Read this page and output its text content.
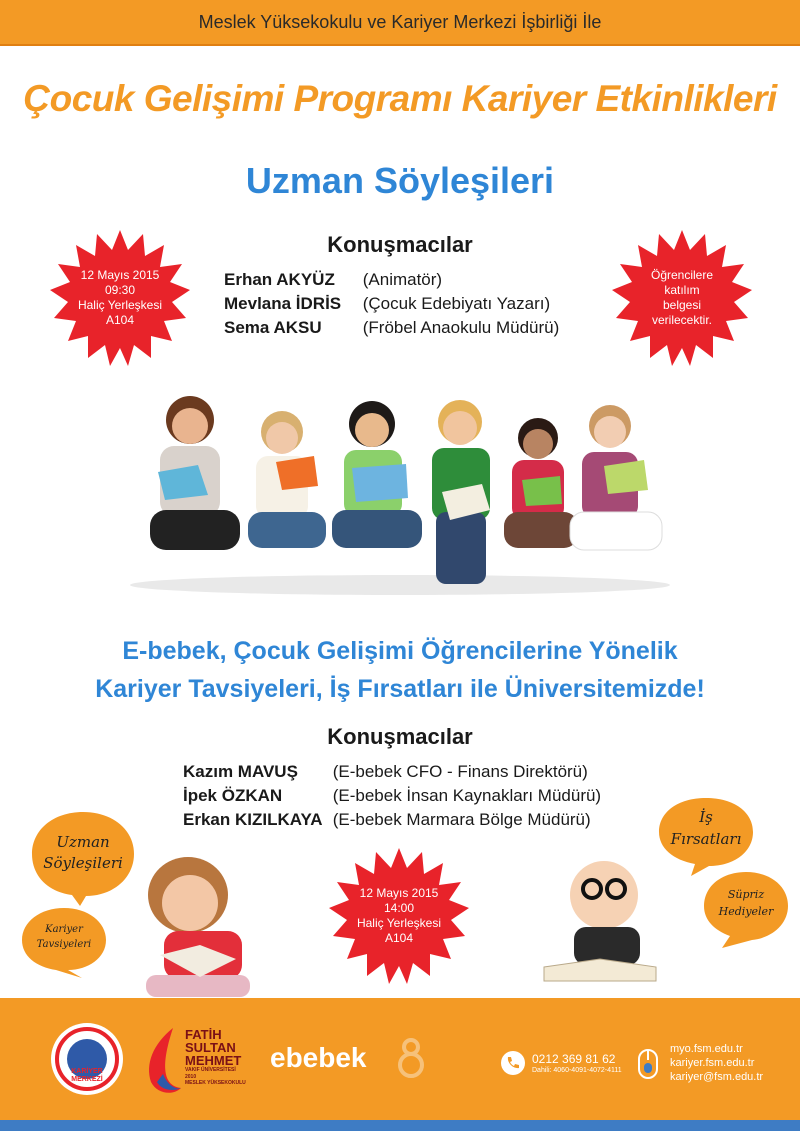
Meslek Yüksekokulu ve Kariyer Merkezi İşbirliği İle
Çocuk Gelişimi Programı Kariyer Etkinlikleri
Uzman Söyleşileri
Konuşmacılar
Erhan AKYÜZ (Animatör)
Mevlana İDRİS (Çocuk Edebiyatı Yazarı)
Sema AKSU (Fröbel Anaokulu Müdürü)
12 Mayıs 2015
09:30
Haliç Yerleşkesi
A104
Öğrencilere
katılım
belgesi
verilecektir.
E-bebek, Çocuk Gelişimi Öğrencilerine Yönelik
Kariyer Tavsiyeleri, İş Fırsatları ile Üniversitemizde!
Konuşmacılar
Kazım MAVUŞ (E-bebek CFO - Finans Direktörü)
İpek ÖZKAN	(E-bebek İnsan Kaynakları Müdürü)
Erkan KIZILKAYA (E-bebek Marmara Bölge Müdürü)
Uzman
Söyleşileri
Kariyer
Tavsiyeleri
12 Mayıs 2015
14:00
Haliç Yerleşkesi
A104
İş
Fırsatları
Süpriz
Hediyeler
KARİYER
MERKEZİ
FATİH
SULTAN
MEHMET
VAKIF ÜNİVERSİTESİ
2010
MESLEK YÜKSEKOKULU
ebebek	0212 369 81 62
Dahili: 4060-4091-4072-4111
myo.fsm.edu.tr
kariyer.fsm.edu.tr
kariyer@fsm.edu.tr
